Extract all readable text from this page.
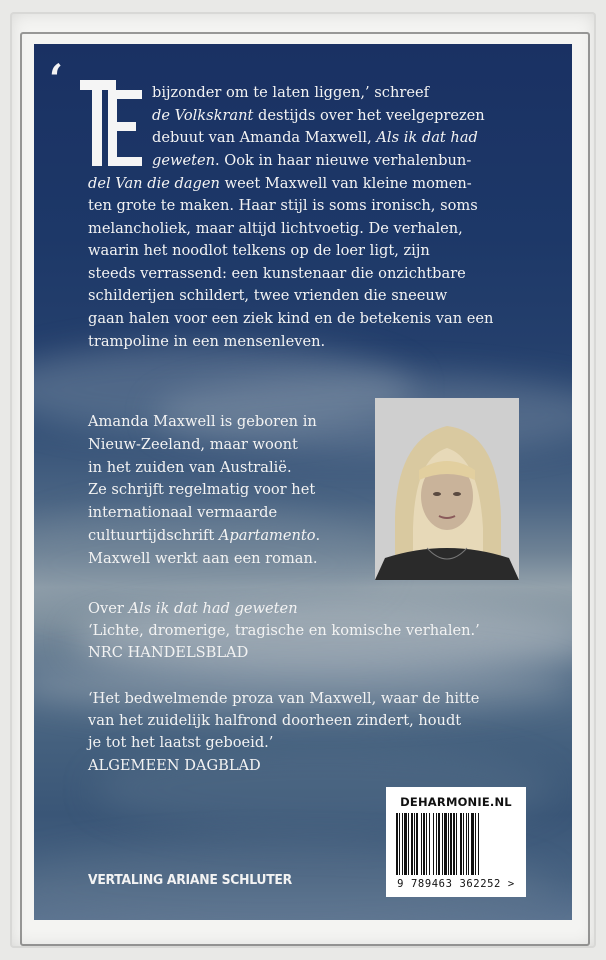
‘	TE
bijzonder om te laten liggen,’ schreef
de Volkskrant destijds over het veelgeprezen
debuut van Amanda Maxwell, Als ik dat had
geweten. Ook in haar nieuwe verhalenbun-
del Van die dagen weet Maxwell van kleine momen-
ten grote te maken. Haar stijl is soms ironisch, soms
melancholiek, maar altijd lichtvoetig. De verhalen,
waarin het noodlot telkens op de loer ligt, zijn
steeds verrassend: een kunstenaar die onzichtbare
schilderijen schildert, twee vrienden die sneeuw
gaan halen voor een ziek kind en de betekenis van een
trampoline in een mensenleven.
Amanda Maxwell is geboren in
Nieuw-Zeeland, maar woont
in het zuiden van Australië.
Ze schrijft regelmatig voor het
internationaal vermaarde
cultuurtijdschrift Apartamento.
Maxwell werkt aan een roman.
Over Als ik dat had geweten
‘Lichte, dromerige, tragische en komische verhalen.’
NRC HANDELSBLAD
‘Het bedwelmende proza van Maxwell, waar de hitte
van het zuidelijk halfrond doorheen zindert, houdt
je tot het laatst geboeid.’
ALGEMEEN DAGBLAD
DEHARMONIE.NL
9 789463 362252 >
VERTALING ARIANE SCHLUTER
